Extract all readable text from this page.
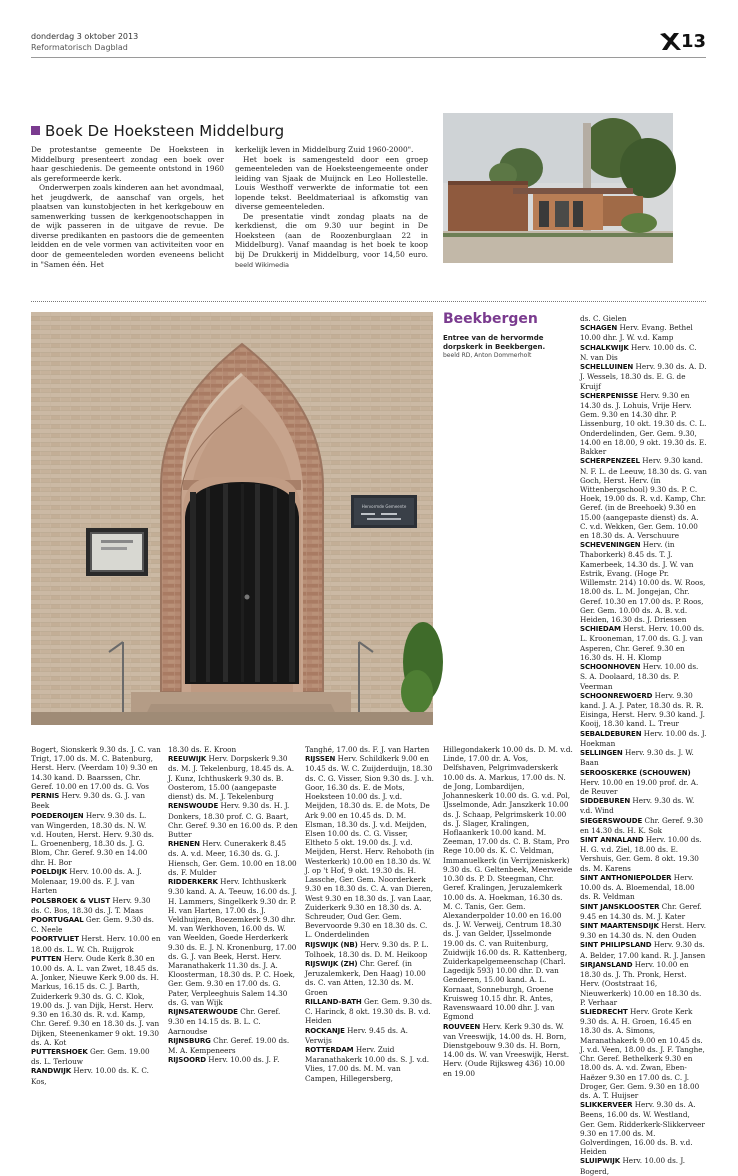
donderdag 3 oktober 2013
Reformatorisch Dagblad	13
Boek De Hoeksteen Middelburg

De protestantse gemeente De Hoeksteen in Middelburg presenteert zondag een boek over haar geschiedenis. De gemeente ontstond in 1960 als gereformeerde kerk.

Onderwerpen zoals kinderen aan het avondmaal, het jeugdwerk, de aanschaf van orgels, het plaatsen van kunstobjecten in het kerkgebouw en samenwerking tussen de kerkgenootschappen in de wijk passeren in de uitgave de revue. De diverse predikanten en pastoors die de gemeenten leidden en de vele vormen van activiteiten voor en door de gemeenteleden worden eveneens belicht in "Samen één. Het

kerkelijk leven in Middelburg Zuid 1960-2000".

Het boek is samengesteld door een groep gemeenteleden van de Hoeksteengemeente onder leiding van Sjaak de Muijnck en Leo Hollestelle. Louis Westhoff verwerkte de informatie tot een lopende tekst. Beeldmateriaal is afkomstig van diverse gemeenteleden.

De presentatie vindt zondag plaats na de kerkdienst, die om 9.30 uur begint in De Hoeksteen (aan de Roozenburglaan 22 in Middelburg). Vanaf maandag is het boek te koop bij De Drukkerij in Middelburg, voor 14,50 euro. beeld Wikimedia

Hervormde Gemeente
Beekbergen
Entree van de hervormde dorpskerk in Beekbergen.
beeld RD, Anton Dommerholt
ds. C. Gielen
SCHAGEN Herv. Evang. Bethel 10.00 dhr. J. W. v.d. Kamp
SCHALKWIJK Herv. 10.00 ds. C. N. van Dis
SCHELLUINEN Herv. 9.30 ds. A. D. J. Wessels, 18.30 ds. E. G. de Kruijf
SCHERPENISSE Herv. 9.30 en 14.30 ds. J. Lohuis, Vrije Herv. Gem. 9.30 en 14.30 dhr. P. Lissenburg, 10 okt. 19.30 ds. C. L. Onderdelinden, Ger. Gem. 9.30, 14.00 en 18.00, 9 okt. 19.30 ds. E. Bakker
SCHERPENZEEL Herv. 9.30 kand. N. F. L. de Leeuw, 18.30 ds. G. van Goch, Herst. Herv. (in Wittenbergschool) 9.30 ds. P. C. Hoek, 19.00 ds. R. v.d. Kamp, Chr. Geref. (in de Breehoek) 9.30 en 15.00 (aangepaste dienst) ds. A. C. v.d. Wekken, Ger. Gem. 10.00 en 18.30 ds. A. Verschuure
SCHEVENINGEN Herv. (in Thaborkerk) 8.45 ds. T. J. Kamerbeek, 14.30 ds. J. W. van Estrik, Evang. (Hoge Pr. Willemstr. 214) 10.00 ds. W. Roos, 18.00 ds. L. M. Jongejan, Chr. Geref. 10.30 en 17.00 ds. P. Roos, Ger. Gem. 10.00 ds. A. B. v.d. Heiden, 16.30 ds. J. Driessen
SCHIEDAM Herst. Herv. 10.00 ds. L. Krooneman, 17.00 ds. G. J. van Asperen, Chr. Geref. 9.30 en 16.30 ds. H. H. Klomp
SCHOONHOVEN Herv. 10.00 ds. S. A. Doolaard, 18.30 ds. P. Veerman
SCHOONREWOERD Herv. 9.30 kand. J. A. J. Pater, 18.30 ds. R. R. Eisinga, Herst. Herv. 9.30 kand. J. Kooij, 18.30 kand. L. Treur
SEBALDEBUREN Herv. 10.00 ds. J. Hoekman
SELLINGEN Herv. 9.30 ds. J. W. Baan
SEROOSKERKE (SCHOUWEN) Herv. 10.00 en 19.00 prof. dr. A. de Reuver
SIDDEBUREN Herv. 9.30 ds. W. v.d. Wind
SIEGERSWOUDE Chr. Geref. 9.30 en 14.30 ds. H. K. Sok
SINT ANNALAND Herv. 10.00 ds. H. G. v.d. Ziel, 18.00 ds. E. Vershuis, Ger. Gem. 8 okt. 19.30 ds. M. Karens
SINT ANTHONIEPOLDER Herv. 10.00 ds. A. Bloemendal, 18.00 ds. R. Veldman
SINT JANSKLOOSTER Chr. Geref. 9.45 en 14.30 ds. M. J. Kater
SINT MAARTENSDIJK Herst. Herv. 9.30 en 14.30 ds. N. den Ouden
SINT PHILIPSLAND Herv. 9.30 ds. A. Belder, 17.00 kand. R. J. Jansen
SIRJANSLAND Herv. 10.00 en 18.30 ds. J. Th. Pronk, Herst. Herv. (Ooststraat 16, Nieuwerkerk) 10.00 en 18.30 ds. P. Verhaar
SLIEDRECHT Herv. Grote Kerk 9.30 ds. A. H. Groen, 16.45 en 18.30 ds. A. Simons, Maranathakerk 9.00 en 10.45 ds. J. v.d. Veen, 18.00 ds. J. F. Tanghe, Chr. Geref. Bethelkerk 9.30 en 18.00 ds. A. v.d. Zwan, Eben-Haëzer 9.30 en 17.00 ds. C. J. Droger, Ger. Gem. 9.30 en 18.00 ds. A. T. Huijser
SLIKKERVEER Herv. 9.30 ds. A. Beens, 16.00 ds. W. Westland, Ger. Gem. Ridderkerk-Slikkerveer 9.30 en 17.00 ds. M. Golverdingen, 16.00 ds. B. v.d. Heiden
SLUIPWIJK Herv. 10.00 ds. J. Bogerd,
Bogert, Sionskerk 9.30 ds. J. C. van Trigt, 17.00 ds. M. C. Batenburg, Herst. Herv. (Veerdam 10) 9.30 en 14.30 kand. D. Baarssen, Chr. Geref. 10.00 en 17.00 ds. G. Vos
PERNIS Herv. 9.30 ds. G. J. van Beek
POEDEROIJEN Herv. 9.30 ds. L. van Wingerden, 18.30 ds. N. W. v.d. Houten, Herst. Herv. 9.30 ds. L. Groenenberg, 18.30 ds. J. G. Blom, Chr. Geref. 9.30 en 14.00 dhr. H. Bor
POELDIJK Herv. 10.00 ds. A. J. Molenaar, 19.00 ds. F. J. van Harten
POLSBROEK & VLIST Herv. 9.30 ds. C. Bos, 18.30 ds. J. T. Maas
POORTUGAAL Ger. Gem. 9.30 ds. C. Neele
POORTVLIET Herst. Herv. 10.00 en 18.00 ds. L. W. Ch. Ruijgrok
PUTTEN Herv. Oude Kerk 8.30 en 10.00 ds. A. L. van Zwet, 18.45 ds. A. Jonker, Nieuwe Kerk 9.00 ds. H. Markus, 16.15 ds. C. J. Barth, Zuiderkerk 9.30 ds. G. C. Klok, 19.00 ds. J. van Dijk, Herst. Herv. 9.30 en 16.30 ds. R. v.d. Kamp, Chr. Geref. 9.30 en 18.30 ds. J. van Dijken, Steenenkamer 9 okt. 19.30 ds. A. Kot
PUTTERSHOEK Ger. Gem. 19.00 ds. L. Terlouw
RANDWIJK Herv. 10.00 ds. K. C. Kos,
18.30 ds. E. Kroon
REEUWIJK Herv. Dorpskerk 9.30 ds. M. J. Tekelenburg, 18.45 ds. A. J. Kunz, Ichthuskerk 9.30 ds. B. Oosterom, 15.00 (aangepaste dienst) ds. M. J. Tekelenburg
RENSWOUDE Herv. 9.30 ds. H. J. Donkers, 18.30 prof. C. G. Baart, Chr. Geref. 9.30 en 16.00 ds. P. den Butter
RHENEN Herv. Cunerakerk 8.45 ds. A. v.d. Meer, 16.30 ds. G. J. Hiensch, Ger. Gem. 10.00 en 18.00 ds. F. Mulder
RIDDERKERK Herv. Ichthuskerk 9.30 kand. A. A. Teeuw, 16.00 ds. J. H. Lammers, Singelkerk 9.30 dr. P. H. van Harten, 17.00 ds. J. Veldhuijzen, Boezemkerk 9.30 dhr. M. van Werkhoven, 16.00 ds. W. van Weelden, Goede Herderkerk 9.30 ds. E. J. N. Kronenburg, 17.00 ds. G. J. van Beek, Herst. Herv. Maranathakerk 11.30 ds. J. A. Kloosterman, 18.30 ds. P. C. Hoek, Ger. Gem. 9.30 en 17.00 ds. G. Pater, Verpleeghuis Salem 14.30 ds. G. van Wijk
RIJNSATERWOUDE Chr. Geref. 9.30 en 14.15 ds. B. L. C. Aarnoudse
RIJNSBURG Chr. Geref. 19.00 ds. M. A. Kempeneers
RIJSOORD Herv. 10.00 ds. J. F.
Tanghé, 17.00 ds. F. J. van Harten
RIJSSEN Herv. Schildkerk 9.00 en 10.45 ds. W. C. Zuijderduijn, 18.30 ds. C. G. Visser, Sion 9.30 ds. J. v.h. Goor, 16.30 ds. E. de Mots, Hoeksteen 10.00 ds. J. v.d. Meijden, 18.30 ds. E. de Mots, De Ark 9.00 en 10.45 ds. D. M. Elsman, 18.30 ds. J. v.d. Meijden, Elsen 10.00 ds. C. G. Visser, Eltheto 5 okt. 19.00 ds. J. v.d. Meijden, Herst. Herv. Rehoboth (in Westerkerk) 10.00 en 18.30 ds. W. J. op 't Hof, 9 okt. 19.30 ds. H. Lassche, Ger. Gem. Noorderkerk 9.30 en 18.30 ds. C. A. van Dieren, West 9.30 en 18.30 ds. J. van Laar, Zuiderkerk 9.30 en 18.30 ds. A. Schreuder, Oud Ger. Gem. Bevervoorde 9.30 en 18.30 ds. C. L. Onderdelinden
RIJSWIJK (NB) Herv. 9.30 ds. P. L. Tolhoek, 18.30 ds. D. M. Heikoop
RIJSWIJK (ZH) Chr. Geref. (in Jeruzalemkerk, Den Haag) 10.00 ds. C. van Atten, 12.30 ds. M. Groen
RILLAND-BATH Ger. Gem. 9.30 ds. C. Harinck, 8 okt. 19.30 ds. B. v.d. Heiden
ROCKANJE Herv. 9.45 ds. A. Verwijs
ROTTERDAM Herv. Zuid Maranathakerk 10.00 ds. S. J. v.d. Vlies, 17.00 ds. M. M. van Campen, Hillegersberg,
Hillegondakerk 10.00 ds. D. M. v.d. Linde, 17.00 dr. A. Vos, Delfshaven, Pelgrimvaderskerk 10.00 ds. A. Markus, 17.00 ds. N. de Jong, Lombardijen, Johanneskerk 10.00 ds. G. v.d. Pol, IJsselmonde, Adr. Janszkerk 10.00 ds. J. Schaap, Pelgrimskerk 10.00 ds. J. Slager, Kralingen, Hoflaankerk 10.00 kand. M. Zeeman, 17.00 ds. C. B. Stam, Pro Rege 10.00 ds. K. C. Veldman, Immanuelkerk (in Verrijzeniskerk) 9.30 ds. G. Geltenbeek, Meerweide 10.30 ds. P. D. Steegman, Chr. Geref. Kralingen, Jeruzalemkerk 10.00 ds. A. Hoekman, 16.30 ds. M. C. Tanis, Ger. Gem. Alexanderpolder 10.00 en 16.00 ds. J. W. Verweij, Centrum 18.30 ds. J. van Gelder, IJsselmonde 19.00 ds. C. van Ruitenburg, Zuidwijk 16.00 ds. R. Kattenberg, Zuiderkapelgemeenschap (Charl. Lagedijk 593) 10.00 dhr. D. van Genderen, 15.00 kand. A. L. Kornaat, Sonneburgh, Groene Kruisweg 10.15 dhr. R. Antes, Ravenswaard 10.00 dhr. J. van Egmond
ROUVEEN Herv. Kerk 9.30 ds. W. van Vreeswijk, 14.00 ds. H. Born, Dienstgebouw 9.30 ds. H. Born, 14.00 ds. W. van Vreeswijk, Herst. Herv. (Oude Rijksweg 436) 10.00 en 19.00
